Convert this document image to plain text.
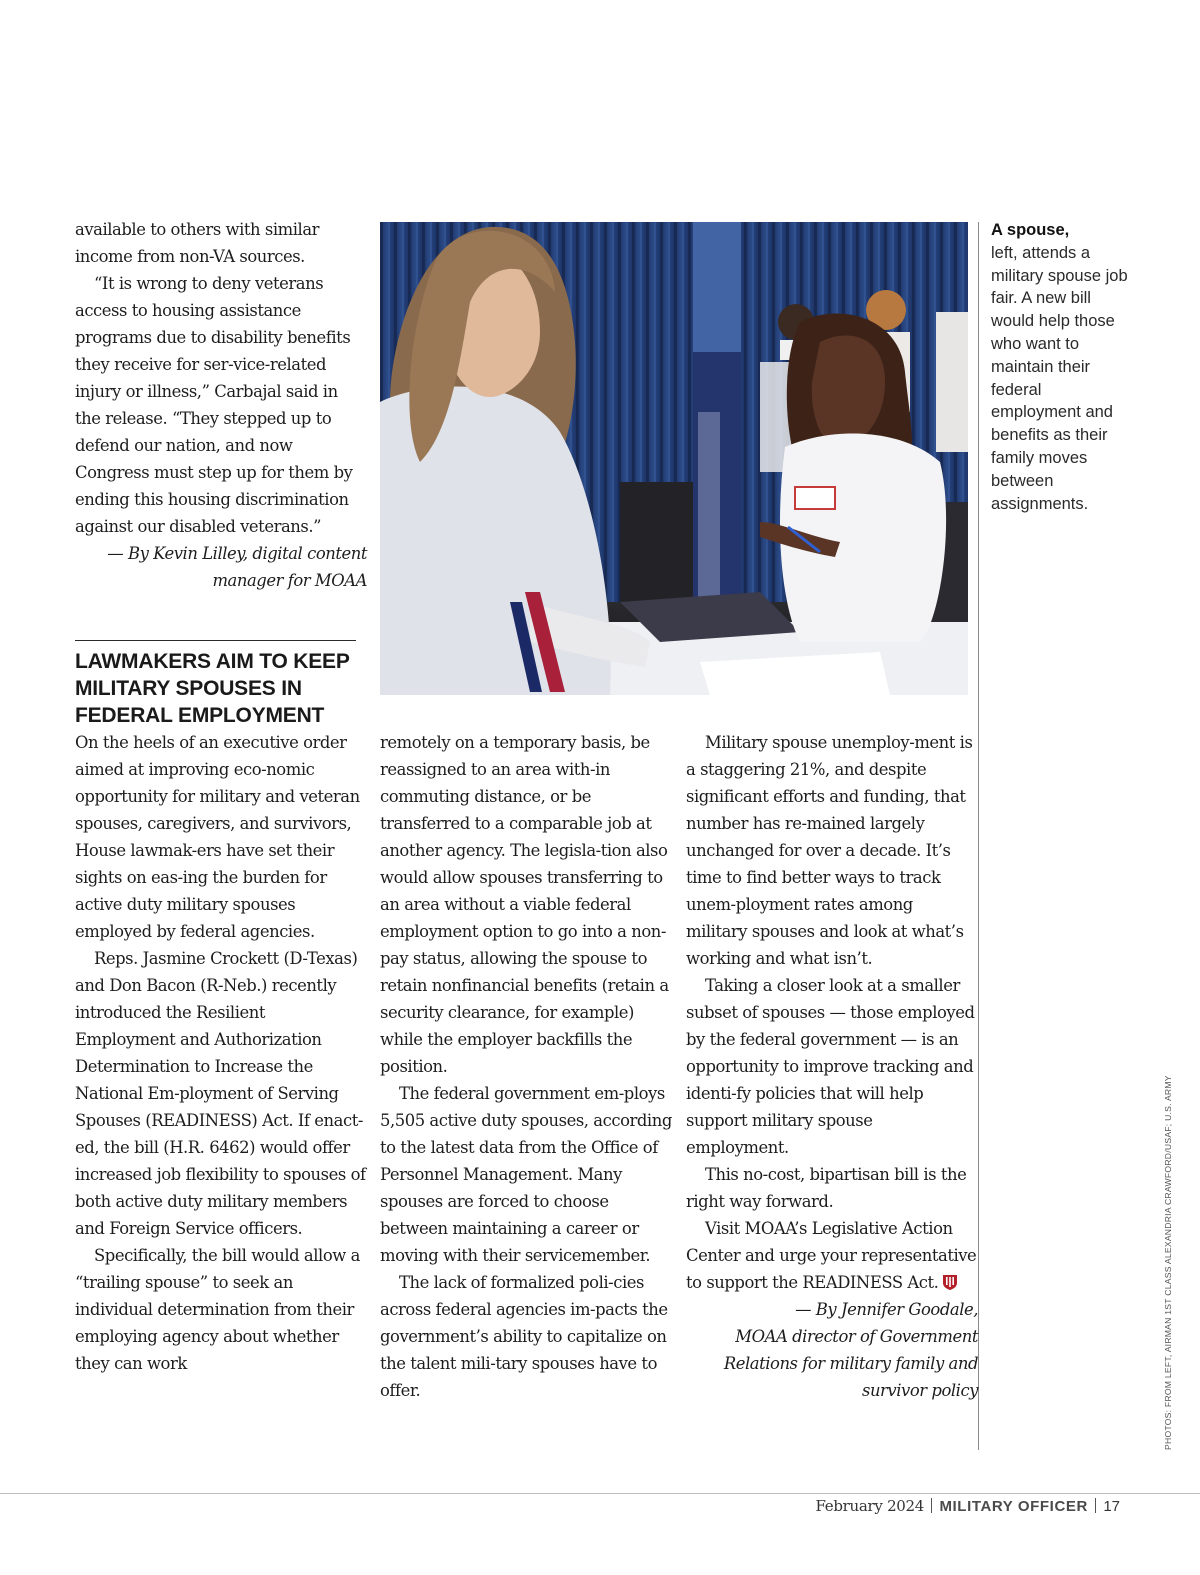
available to others with similar income from non-VA sources.

“It is wrong to deny veterans access to housing assistance programs due to disability benefits they receive for ser-vice-related injury or illness,” Carbajal said in the release. “They stepped up to defend our nation, and now Congress must step up for them by ending this housing discrimination against our disabled veterans.”

— By Kevin Lilley, digital content
manager for MOAA

LAWMAKERS AIM TO KEEP MILITARY SPOUSES IN FEDERAL EMPLOYMENT
A spouse,
left, attends a military spouse job fair. A new bill would help those who want to maintain their federal employment and benefits as their family moves between assignments.

On the heels of an executive order aimed at improving eco-nomic opportunity for military and veteran spouses, caregivers, and survivors, House lawmak-ers have set their sights on eas-ing the burden for active duty military spouses employed by federal agencies.

Reps. Jasmine Crockett (D-Texas) and Don Bacon (R-Neb.) recently introduced the Resilient Employment and Authorization Determination to Increase the National Em-ployment of Serving Spouses (READINESS) Act. If enact-ed, the bill (H.R. 6462) would offer increased job flexibility to spouses of both active duty military members and Foreign Service officers.

Specifically, the bill would allow a “trailing spouse” to seek an individual determination from their employing agency about whether they can work

remotely on a temporary basis, be reassigned to an area with-in commuting distance, or be transferred to a comparable job at another agency. The legisla-tion also would allow spouses transferring to an area without a viable federal employment option to go into a non-pay status, allowing the spouse to retain nonfinancial benefits (retain a security clearance, for example) while the employer backfills the position.

The federal government em-ploys 5,505 active duty spouses, according to the latest data from the Office of Personnel Management. Many spouses are forced to choose between maintaining a career or moving with their servicemember.

The lack of formalized poli-cies across federal agencies im-pacts the government’s ability to capitalize on the talent mili-tary spouses have to offer.

Military spouse unemploy-ment is a staggering 21%, and despite significant efforts and funding, that number has re-mained largely unchanged for over a decade. It’s time to find better ways to track unem-ployment rates among military spouses and look at what’s working and what isn’t.

Taking a closer look at a smaller subset of spouses — those employed by the federal government — is an opportunity to improve tracking and identi-fy policies that will help support military spouse employment.

This no-cost, bipartisan bill is the right way forward.

Visit MOAA’s Legislative Action Center and urge your representative to support the READINESS Act.

— By Jennifer Goodale,
MOAA director of Government Relations for military family and survivor policy	PHOTOS: FROM LEFT, AIRMAN 1ST CLASS ALEXANDRIA CRAWFORD/USAF; U.S. ARMY
February 2024 MILITARY OFFICER 17
